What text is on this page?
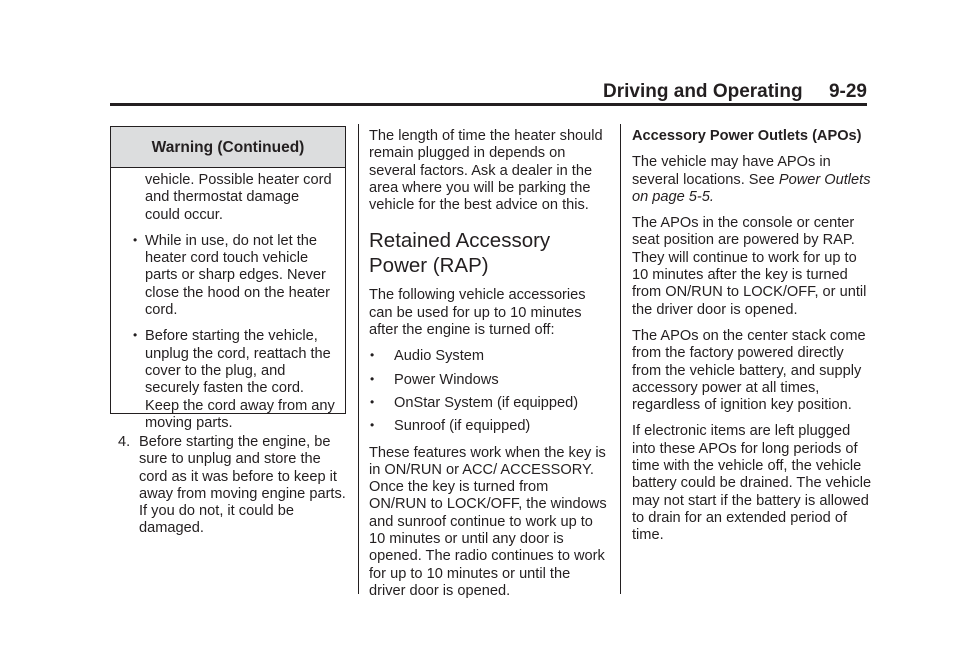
Driving and Operating 9-29
Warning (Continued)

vehicle. Possible heater cord and thermostat damage could occur.

• While in use, do not let the heater cord touch vehicle parts or sharp edges. Never close the hood on the heater cord.

• Before starting the vehicle, unplug the cord, reattach the cover to the plug, and securely fasten the cord. Keep the cord away from any moving parts.

4. Before starting the engine, be sure to unplug and store the cord as it was before to keep it away from moving engine parts. If you do not, it could be damaged.

The length of time the heater should remain plugged in depends on several factors. Ask a dealer in the area where you will be parking the vehicle for the best advice on this.

Retained Accessory Power (RAP)

The following vehicle accessories can be used for up to 10 minutes after the engine is turned off:

• Audio System

• Power Windows

• OnStar System (if equipped)

• Sunroof (if equipped)

These features work when the key is in ON/RUN or ACC/ ACCESSORY. Once the key is turned from ON/RUN to LOCK/OFF, the windows and sunroof continue to work up to 10 minutes or until any door is opened. The radio continues to work for up to 10 minutes or until the driver door is opened.

Accessory Power Outlets (APOs)

The vehicle may have APOs in several locations. See Power Outlets on page 5-5.

The APOs in the console or center seat position are powered by RAP. They will continue to work for up to 10 minutes after the key is turned from ON/RUN to LOCK/OFF, or until the driver door is opened.

The APOs on the center stack come from the factory powered directly from the vehicle battery, and supply accessory power at all times, regardless of ignition key position.

If electronic items are left plugged into these APOs for long periods of time with the vehicle off, the vehicle battery could be drained. The vehicle may not start if the battery is allowed to drain for an extended period of time.
